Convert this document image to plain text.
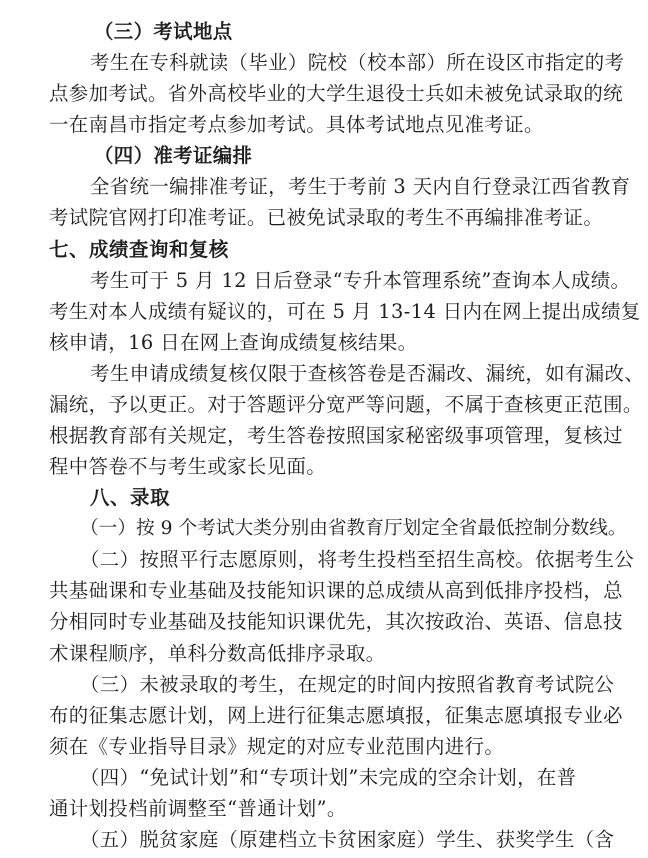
（三）考试地点
考生在专科就读（毕业）院校（校本部）所在设区市指定的考
点参加考试。省外高校毕业的大学生退役士兵如未被免试录取的统
一在南昌市指定考点参加考试。具体考试地点见准考证。
（四）准考证编排
全省统一编排准考证，考生于考前 3 天内自行登录江西省教育
考试院官网打印准考证。已被免试录取的考生不再编排准考证。
七、成绩查询和复核
考生可于 5 月 12 日后登录“专升本管理系统”查询本人成绩。
考生对本人成绩有疑议的，可在 5 月 13-14 日内在网上提出成绩复
核申请，16 日在网上查询成绩复核结果。
考生申请成绩复核仅限于查核答卷是否漏改、漏统，如有漏改、
漏统，予以更正。对于答题评分宽严等问题，不属于查核更正范围。
根据教育部有关规定，考生答卷按照国家秘密级事项管理，复核过
程中答卷不与考生或家长见面。
八、录取
（一）按 9 个考试大类分别由省教育厅划定全省最低控制分数线。
（二）按照平行志愿原则，将考生投档至招生高校。依据考生公
共基础课和专业基础及技能知识课的总成绩从高到低排序投档，总
分相同时专业基础及技能知识课优先，其次按政治、英语、信息技
术课程顺序，单科分数高低排序录取。
（三）未被录取的考生，在规定的时间内按照省教育考试院公
布的征集志愿计划，网上进行征集志愿填报，征集志愿填报专业必
须在《专业指导目录》规定的对应专业范围内进行。
（四）“免试计划”和“专项计划”未完成的空余计划，在普
通计划投档前调整至“普通计划”。
（五）脱贫家庭（原建档立卡贫困家庭）学生、获奖学生（含
